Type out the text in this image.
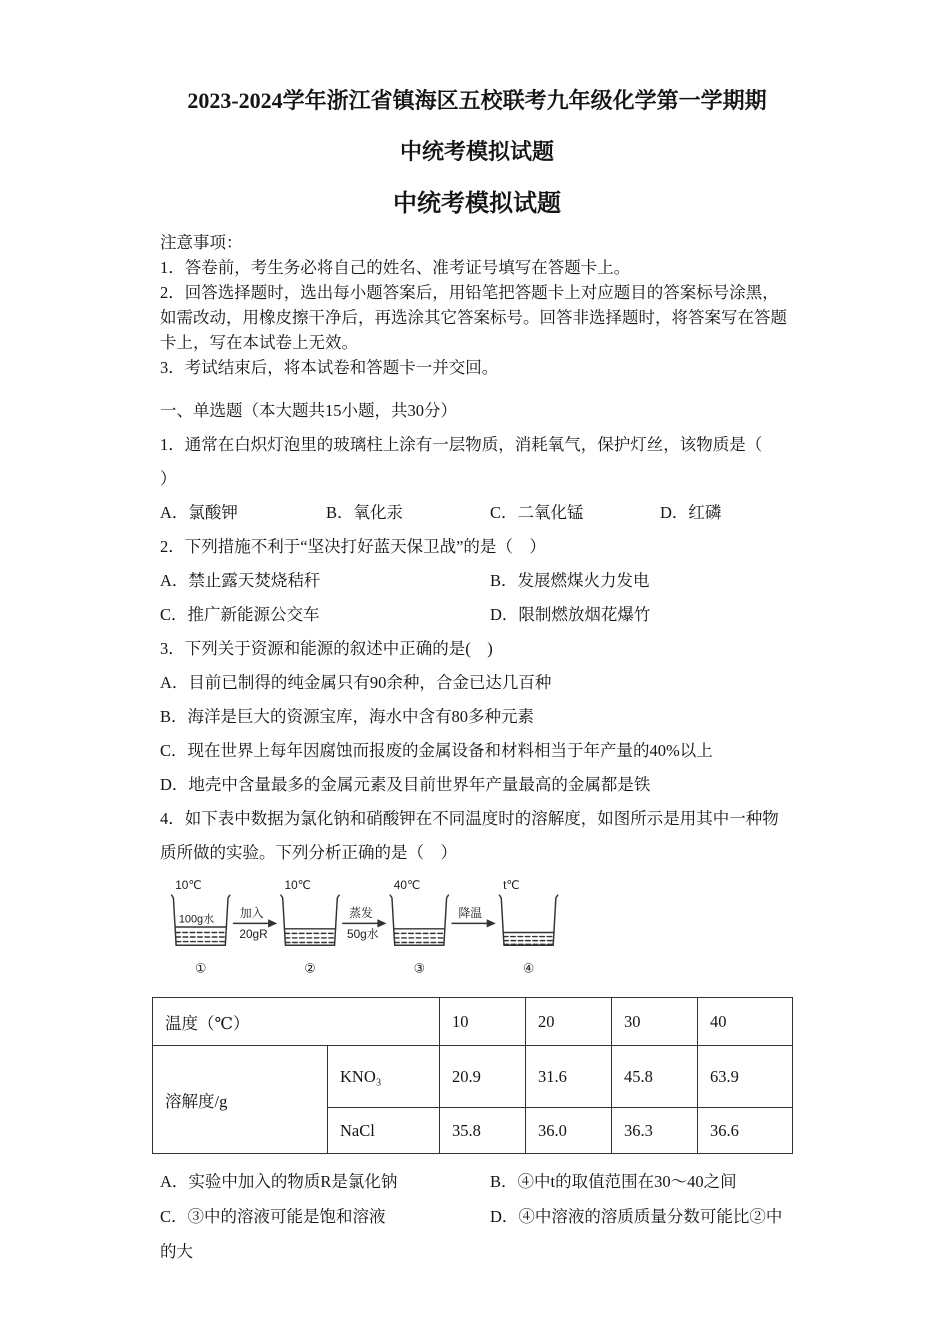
2023-2024学年浙江省镇海区五校联考九年级化学第一学期期
中统考模拟试题
中统考模拟试题

注意事项：

1．答卷前，考生务必将自己的姓名、准考证号填写在答题卡上。

2．回答选择题时，选出每小题答案后，用铅笔把答题卡上对应题目的答案标号涂黑，如需改动，用橡皮擦干净后，再选涂其它答案标号。回答非选择题时，将答案写在答题卡上，写在本试卷上无效。

3．考试结束后，将本试卷和答题卡一并交回。

一、单选题（本大题共15小题，共30分）

1．通常在白炽灯泡里的玻璃柱上涂有一层物质，消耗氧气，保护灯丝，该物质是（

）

A．氯酸钾	B．氧化汞	C．二氧化锰	D．红磷

2．下列措施不利于“坚决打好蓝天保卫战”的是（　）

A．禁止露天焚烧秸秆	B．发展燃煤火力发电
C．推广新能源公交车	D．限制燃放烟花爆竹

3．下列关于资源和能源的叙述中正确的是(　)

A．目前已制得的纯金属只有90余种，合金已达几百种

B．海洋是巨大的资源宝库，海水中含有80多种元素

C．现在世界上每年因腐蚀而报废的金属设备和材料相当于年产量的40%以上

D．地壳中含量最多的金属元素及目前世界年产量最高的金属都是铁

4．如下表中数据为氯化钠和硝酸钾在不同温度时的溶解度，如图所示是用其中一种物质所做的实验。下列分析正确的是（　）

10℃	10℃	40℃	t℃
100g水 加入
20gR
蒸发
50g水
降温
①	②	③	④
温度（℃）		10	20	30	40
溶解度/g	KNO₃	20.9	31.6	45.8	63.9
	NaCl	35.8	36.0	36.3	36.6

A．实验中加入的物质R是氯化钠	B．④中t的取值范围在30～40之间
C．③中的溶液可能是饱和溶液	D．④中溶液的溶质质量分数可能比②中的大
